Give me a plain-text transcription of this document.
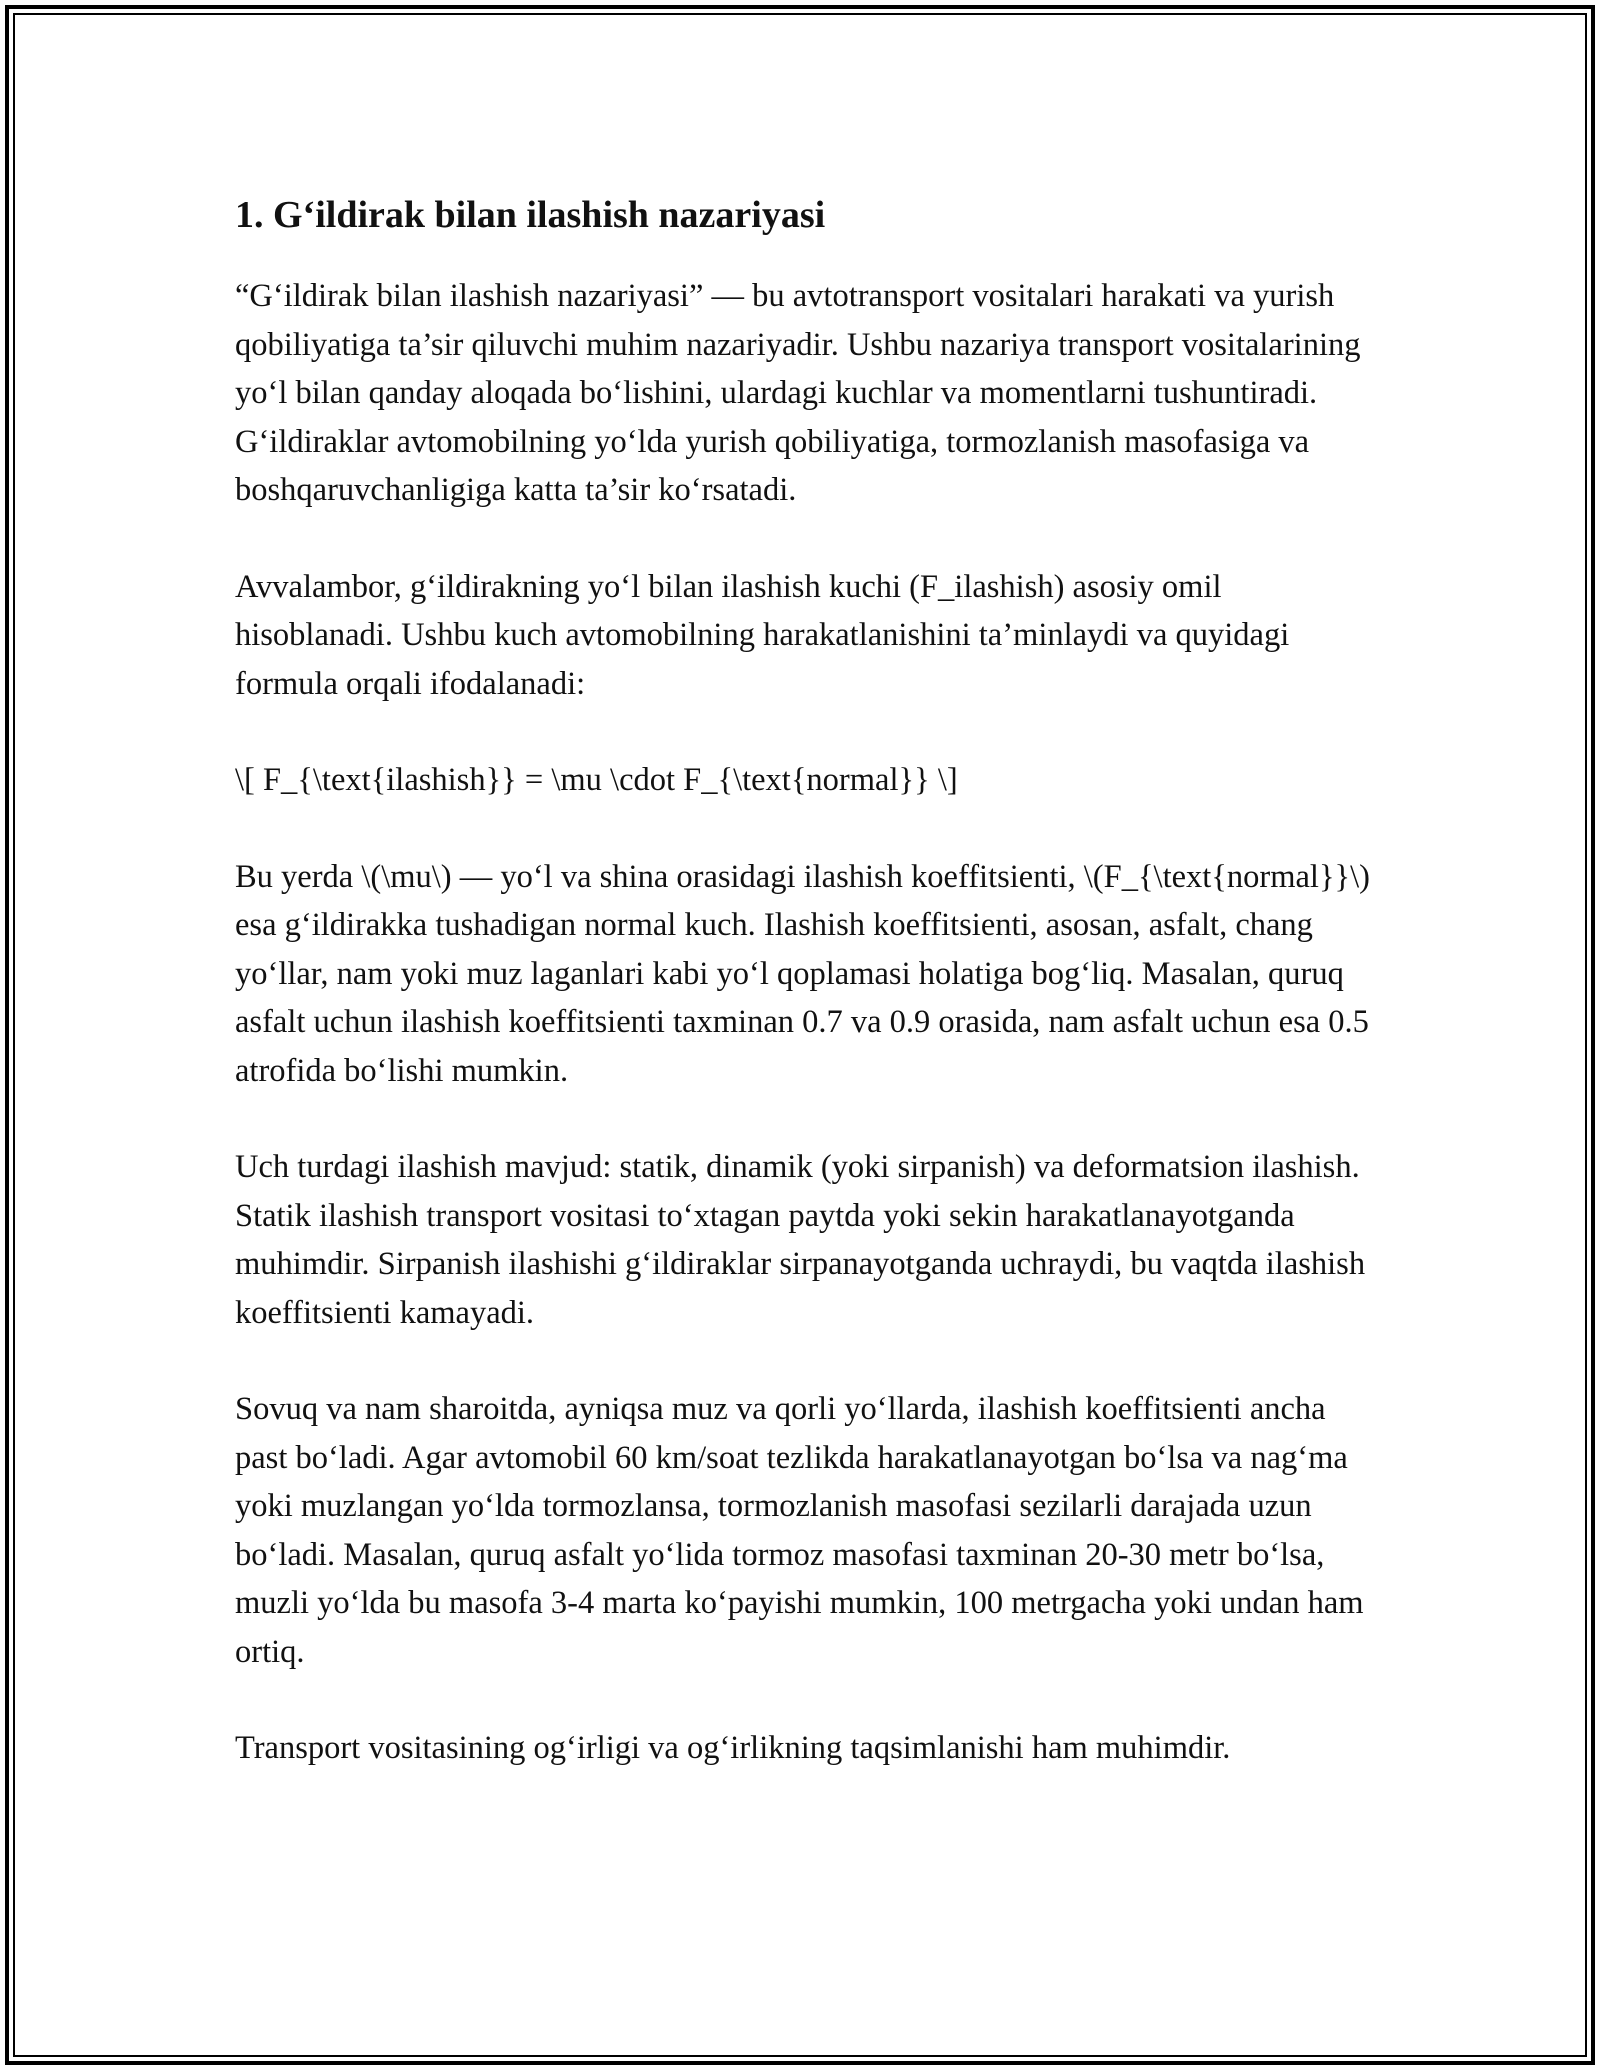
1. G‘ildirak bilan ilashish nazariyasi

“G‘ildirak bilan ilashish nazariyasi” — bu avtotransport vositalari harakati va yurish qobiliyatiga ta’sir qiluvchi muhim nazariyadir. Ushbu nazariya transport vositalarining yo‘l bilan qanday aloqada bo‘lishini, ulardagi kuchlar va momentlarni tushuntiradi. G‘ildiraklar avtomobilning yo‘lda yurish qobiliyatiga, tormozlanish masofasiga va boshqaruvchanligiga katta ta’sir ko‘rsatadi.

Avvalambor, g‘ildirakning yo‘l bilan ilashish kuchi (F_ilashish) asosiy omil hisoblanadi. Ushbu kuch avtomobilning harakatlanishini ta’minlaydi va quyidagi formula orqali ifodalanadi:

\[ F_{\text{ilashish}} = \mu \cdot F_{\text{normal}} \]

Bu yerda \(\mu\) — yo‘l va shina orasidagi ilashish koeffitsienti, \(F_{\text{normal}}\) esa g‘ildirakka tushadigan normal kuch. Ilashish koeffitsienti, asosan, asfalt, chang yo‘llar, nam yoki muz laganlari kabi yo‘l qoplamasi holatiga bog‘liq. Masalan, quruq asfalt uchun ilashish koeffitsienti taxminan 0.7 va 0.9 orasida, nam asfalt uchun esa 0.5 atrofida bo‘lishi mumkin.

Uch turdagi ilashish mavjud: statik, dinamik (yoki sirpanish) va deformatsion ilashish. Statik ilashish transport vositasi to‘xtagan paytda yoki sekin harakatlanayotganda muhimdir. Sirpanish ilashishi g‘ildiraklar sirpanayotganda uchraydi, bu vaqtda ilashish koeffitsienti kamayadi.

Sovuq va nam sharoitda, ayniqsa muz va qorli yo‘llarda, ilashish koeffitsienti ancha past bo‘ladi. Agar avtomobil 60 km/soat tezlikda harakatlanayotgan bo‘lsa va nag‘ma yoki muzlangan yo‘lda tormozlansa, tormozlanish masofasi sezilarli darajada uzun bo‘ladi. Masalan, quruq asfalt yo‘lida tormoz masofasi taxminan 20-30 metr bo‘lsa, muzli yo‘lda bu masofa 3-4 marta ko‘payishi mumkin, 100 metrgacha yoki undan ham ortiq.

Transport vositasining og‘irligi va og‘irlikning taqsimlanishi ham muhimdir.
